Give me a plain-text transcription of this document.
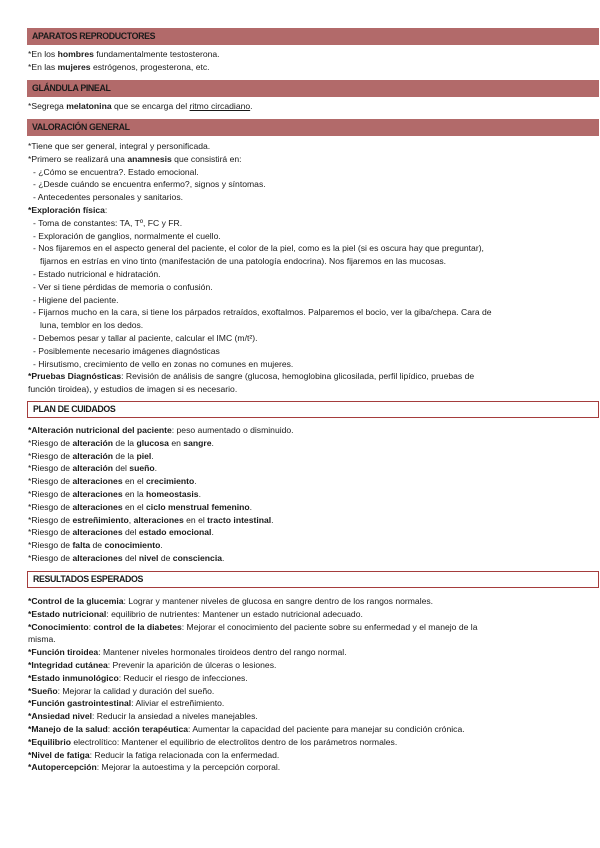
APARATOS REPRODUCTORES
*En los hombres fundamentalmente testosterona.
*En las mujeres estrógenos, progesterona, etc.
GLÁNDULA PINEAL
*Segrega melatonina que se encarga del ritmo circadiano.
VALORACIÓN GENERAL
*Tiene que ser general, integral y personificada.
*Primero se realizará una anamnesis que consistirá en:
- ¿Cómo se encuentra?. Estado emocional.
- ¿Desde cuándo se encuentra enfermo?, signos y síntomas.
- Antecedentes personales y sanitarios.
*Exploración física:
- Toma de constantes: TA, Tº, FC y FR.
- Exploración de ganglios, normalmente el cuello.
- Nos fijaremos en el aspecto general del paciente, el color de la piel, como es la piel (si es oscura hay que preguntar),
fijarnos en estrías en vino tinto (manifestación de una patología endocrina). Nos fijaremos en las mucosas.
- Estado nutricional e hidratación.
- Ver si tiene pérdidas de memoria o confusión.
- Higiene del paciente.
- Fijarnos mucho en la cara, si tiene los párpados retraídos, exoftalmos. Palparemos el bocio, ver la giba/chepa. Cara de
luna, temblor en los dedos.
- Debemos pesar y tallar al paciente, calcular el IMC (m/t²).
- Posiblemente necesario imágenes diagnósticas
- Hirsutismo, crecimiento de vello en zonas no comunes en mujeres.
*Pruebas Diagnósticas: Revisión de análisis de sangre (glucosa, hemoglobina glicosilada, perfil lipídico, pruebas de
función tiroidea), y estudios de imagen si es necesario.
PLAN DE CUIDADOS
*Alteración nutricional del paciente: peso aumentado o disminuido.
*Riesgo de alteración de la glucosa en sangre.
*Riesgo de alteración de la piel.
*Riesgo de alteración del sueño.
*Riesgo de alteraciones en el crecimiento.
*Riesgo de alteraciones en la homeostasis.
*Riesgo de alteraciones en el ciclo menstrual femenino.
*Riesgo de estreñimiento, alteraciones en el tracto intestinal.
*Riesgo de alteraciones del estado emocional.
*Riesgo de falta de conocimiento.
*Riesgo de alteraciones del nivel de consciencia.
RESULTADOS ESPERADOS
*Control de la glucemia: Lograr y mantener niveles de glucosa en sangre dentro de los rangos normales.
*Estado nutricional: equilibrio de nutrientes: Mantener un estado nutricional adecuado.
*Conocimiento: control de la diabetes: Mejorar el conocimiento del paciente sobre su enfermedad y el manejo de la
misma.
*Función tiroidea: Mantener niveles hormonales tiroideos dentro del rango normal.
*Integridad cutánea: Prevenir la aparición de úlceras o lesiones.
*Estado inmunológico: Reducir el riesgo de infecciones.
*Sueño: Mejorar la calidad y duración del sueño.
*Función gastrointestinal: Aliviar el estreñimiento.
*Ansiedad nivel: Reducir la ansiedad a niveles manejables.
*Manejo de la salud: acción terapéutica: Aumentar la capacidad del paciente para manejar su condición crónica.
*Equilibrio electrolítico: Mantener el equilibrio de electrolitos dentro de los parámetros normales.
*Nivel de fatiga: Reducir la fatiga relacionada con la enfermedad.
*Autopercepción: Mejorar la autoestima y la percepción corporal.
